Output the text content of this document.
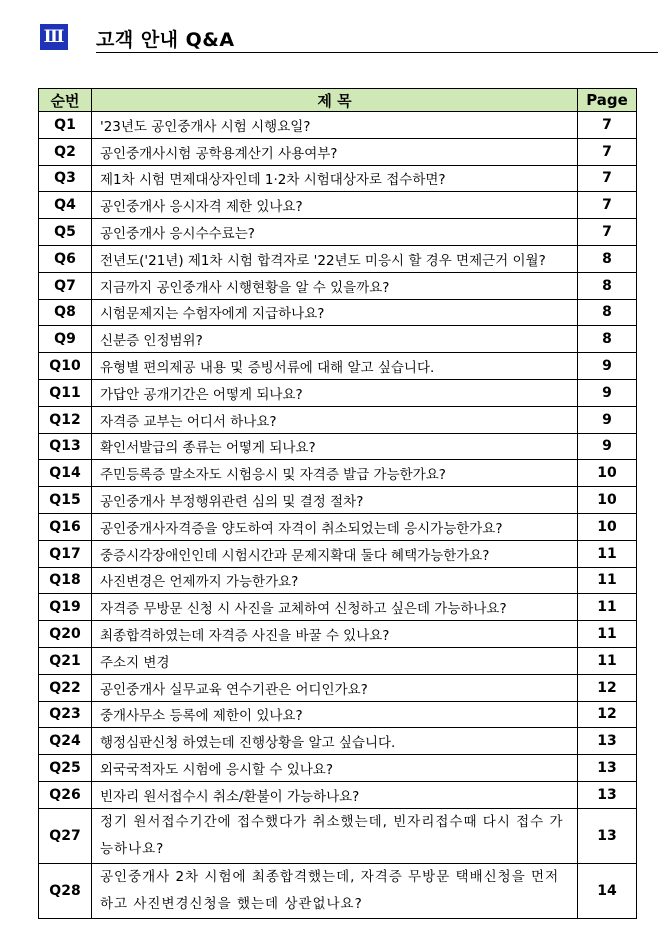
Ⅲ 고객 안내 Q&A
순번	제 목	Page
Q1	'23년도 공인중개사 시험 시행요일?	7
Q2	공인중개사시험 공학용계산기 사용여부?	7
Q3	제1차 시험 면제대상자인데 1·2차 시험대상자로 접수하면?	7
Q4	공인중개사 응시자격 제한 있나요?	7
Q5	공인중개사 응시수수료는?	7
Q6	전년도('21년) 제1차 시험 합격자로 '22년도 미응시 할 경우 면제근거 이월?	8
Q7	지금까지 공인중개사 시행현황을 알 수 있을까요?	8
Q8	시험문제지는 수험자에게 지급하나요?	8
Q9	신분증 인정범위?	8
Q10	유형별 편의제공 내용 및 증빙서류에 대해 알고 싶습니다.	9
Q11	가답안 공개기간은 어떻게 되나요?	9
Q12	자격증 교부는 어디서 하나요?	9
Q13	확인서발급의 종류는 어떻게 되나요?	9
Q14	주민등록증 말소자도 시험응시 및 자격증 발급 가능한가요?	10
Q15	공인중개사 부정행위관련 심의 및 결정 절차?	10
Q16	공인중개사자격증을 양도하여 자격이 취소되었는데 응시가능한가요?	10
Q17	중증시각장애인인데 시험시간과 문제지확대 둘다 혜택가능한가요?	11
Q18	사진변경은 언제까지 가능한가요?	11
Q19	자격증 무방문 신청 시 사진을 교체하여 신청하고 싶은데 가능하나요?	11
Q20	최종합격하였는데 자격증 사진을 바꿀 수 있나요?	11
Q21	주소지 변경	11
Q22	공인중개사 실무교육 연수기관은 어디인가요?	12
Q23	중개사무소 등록에 제한이 있나요?	12
Q24	행정심판신청 하였는데 진행상황을 알고 싶습니다.	13
Q25	외국국적자도 시험에 응시할 수 있나요?	13
Q26	빈자리 원서접수시 취소/환불이 가능하나요?	13
Q27	정기 원서접수기간에 접수했다가 취소했는데, 빈자리접수때 다시 접수 가능하나요?	13
Q28	공인중개사 2차 시험에 최종합격했는데, 자격증 무방문 택배신청을 먼저하고 사진변경신청을 했는데 상관없나요?	14
